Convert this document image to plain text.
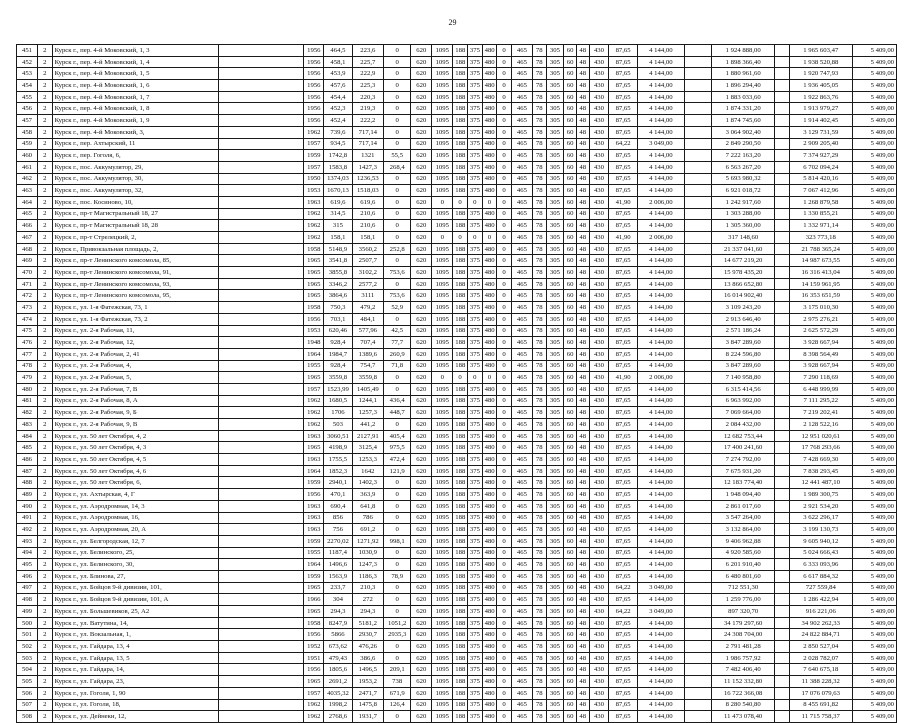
29
451	2	Курск г., пер. 4-й Моковский, 1, 3		1956	464,5	223,6	0	620	1095	188	375	480	0	465	78	305	60	48	430	87,65	4 144,00		1 924 888,00		1 965 603,47	5 409,00
452	2	Курск г., пер. 4-й Моковский, 1, 4		1956	458,1	225,7	0	620	1095	188	375	480	0	465	78	305	60	48	430	87,65	4 144,00		1 898 366,40		1 938 520,88	5 409,00
453	2	Курск г., пер. 4-й Моковский, 1, 5		1956	453,9	222,9	0	620	1095	188	375	480	0	465	78	305	60	48	430	87,65	4 144,00		1 880 961,60		1 920 747,93	5 409,00
454	2	Курск г., пер. 4-й Моковский, 1, 6		1956	457,6	225,3	0	620	1095	188	375	480	0	465	78	305	60	48	430	87,65	4 144,00		1 896 294,40		1 936 405,05	5 409,00
455	2	Курск г., пер. 4-й Моковский, 1, 7		1956	454,4	220,3	0	620	1095	188	375	480	0	465	78	305	60	48	430	87,65	4 144,00		1 883 033,60		1 922 863,76	5 409,00
456	2	Курск г., пер. 4-й Моковский, 1, 8		1956	452,3	219,3	0	620	1095	188	375	480	0	465	78	305	60	48	430	87,65	4 144,00		1 874 331,20		1 913 979,27	5 409,00
457	2	Курск г., пер. 4-й Моковский, 1, 9		1956	452,4	222,2	0	620	1095	188	375	480	0	465	78	305	60	48	430	87,65	4 144,00		1 874 745,60		1 914 402,45	5 409,00
458	2	Курск г., пер. 4-й Моковский, 3,		1962	739,6	717,14	0	620	1095	188	375	480	0	465	78	305	60	48	430	87,65	4 144,00		3 064 902,40		3 129 731,59	5 409,00
459	2	Курск г., пер. Ахтырский, 11		1957	934,5	717,14	0	620	1095	188	375	480	0	465	78	305	60	48	430	64,22	3 049,00		2 849 290,50		2 909 205,40	5 409,00
460	2	Курск г., пер. Гоголя, 6,		1959	1742,8	1321	55,5	620	1095	188	375	480	0	465	78	305	60	48	430	87,65	4 144,00		7 222 163,20		7 374 927,29	5 409,00
461	2	Курск г., пос. Аккумулятор, 29,		1957	1583,8	1427,3	268,4	620	1095	188	375	480	0	465	78	305	60	48	430	87,65	4 144,00		6 563 267,20		6 702 094,24	5 409,00
462	2	Курск г., пос. Аккумулятор, 30,		1950	1374,03	1236,53	0	620	1095	188	375	480	0	465	78	305	60	48	430	87,65	4 144,00		5 693 980,32		5 814 420,16	5 409,00
463	2	Курск г., пос. Аккумулятор, 32,		1953	1670,13	1518,03	0	620	1095	188	375	480	0	465	78	305	60	48	430	87,65	4 144,00		6 921 018,72		7 067 412,96	5 409,00
464	2	Курск г., пос. Косиново, 10,		1963	619,6	619,6	0	620	0	0	0	0	0	465	78	305	60	48	430	41,90	2 006,00		1 242 917,60		1 268 879,58	5 409,00
465	2	Курск г., пр-т Магистральный 18, 27		1962	314,5	210,6	0	620	1095	188	375	480	0	465	78	305	60	48	430	87,65	4 144,00		1 303 288,00		1 330 855,21	5 409,00
466	2	Курск г., пр-т Магистральный 18, 28		1962	315	210,6	0	620	1095	188	375	480	0	465	78	305	60	48	430	87,65	4 144,00		1 305 360,00		1 332 971,14	5 409,00
467	2	Курск г., пр-т Стрелецкий, 2,		1962	158,1	158,1	0	620	0	0	0	0	0	465	78	305	60	48	430	41,90	2 006,00		317 148,60		323 773,18	5 409,00
468	2	Курск г., Привокзальная площадь, 2,		1958	5148,9	3560,2	252,8	620	1095	188	375	480	0	465	78	305	60	48	430	87,65	4 144,00		21 337 041,60		21 788 365,24	5 409,00
469	2	Курск г., пр-т Ленинского комсомола, 85,		1965	3541,8	2507,7	0	620	1095	188	375	480	0	465	78	305	60	48	430	87,65	4 144,00		14 677 219,20		14 987 673,55	5 409,00
470	2	Курск г., пр-т Ленинского комсомола, 91,		1965	3855,8	3102,2	753,6	620	1095	188	375	480	0	465	78	305	60	48	430	87,65	4 144,00		15 978 435,20		16 316 413,04	5 409,00
471	2	Курск г., пр-т Ленинского комсомола, 93,		1965	3346,2	2577,2	0	620	1095	188	375	480	0	465	78	305	60	48	430	87,65	4 144,00		13 866 652,80		14 159 961,95	5 409,00
472	2	Курск г., пр-т Ленинского комсомола, 95,		1965	3864,6	3111	753,6	620	1095	188	375	480	0	465	78	305	60	48	430	87,65	4 144,00		16 014 902,40		16 353 651,59	5 409,00
473	2	Курск г., ул. 1-я Фатежская, 73, 1		1958	750,3	479,2	52,9	620	1095	188	375	480	0	465	78	305	60	48	430	87,65	4 144,00		3 109 243,20		3 175 010,30	5 409,00
474	2	Курск г., ул. 1-я Фатежская, 73, 2		1956	703,1	484,1	0	620	1095	188	375	480	0	465	78	305	60	48	430	87,65	4 144,00		2 913 646,40		2 975 276,21	5 409,00
475	2	Курск г., ул. 2-я Рабочая, 11,		1953	620,46	577,96	42,5	620	1095	188	375	480	0	465	78	305	60	48	430	87,65	4 144,00		2 571 186,24		2 625 572,29	5 409,00
476	2	Курск г., ул. 2-я Рабочая, 12,		1948	928,4	707,4	77,7	620	1095	188	375	480	0	465	78	305	60	48	430	87,65	4 144,00		3 847 289,60		3 928 667,94	5 409,00
477	2	Курск г., ул. 2-я Рабочая, 2, 41		1964	1984,7	1389,6	260,9	620	1095	188	375	480	0	465	78	305	60	48	430	87,65	4 144,00		8 224 596,80		8 398 564,49	5 409,00
478	2	Курск г., ул. 2-я Рабочая, 4,		1955	928,4	754,7	71,8	620	1095	188	375	480	0	465	78	305	60	48	430	87,65	4 144,00		3 847 289,60		3 928 667,94	5 409,00
479	2	Курск г., ул. 2-я Рабочая, 5,		1965	3559,8	3559,8	0	620	0	0	0	0	0	465	78	305	60	48	430	41,90	2 006,00		7 140 958,80		7 290 118,69	5 409,00
480	2	Курск г., ул. 2-я Рабочая, 7, В		1957	1523,99	1405,49	0	620	1095	188	375	480	0	465	78	305	60	48	430	87,65	4 144,00		6 315 414,56		6 448 999,99	5 409,00
481	2	Курск г., ул. 2-я Рабочая, 8, А		1962	1680,5	1244,1	436,4	620	1095	188	375	480	0	465	78	305	60	48	430	87,65	4 144,00		6 963 992,00		7 111 295,22	5 409,00
482	2	Курск г., ул. 2-я Рабочая, 9, Б		1962	1706	1257,3	448,7	620	1095	188	375	480	0	465	78	305	60	48	430	87,65	4 144,00		7 069 664,00		7 219 202,41	5 409,00
483	2	Курск г., ул. 2-я Рабочая, 9, В		1962	503	441,2	0	620	1095	188	375	480	0	465	78	305	60	48	430	87,65	4 144,00		2 084 432,00		2 128 522,16	5 409,00
484	2	Курск г., ул. 50 лет Октября, 4, 2		1963	3060,51	2127,91	405,4	620	1095	188	375	480	0	465	78	305	60	48	430	87,65	4 144,00		12 682 753,44		12 951 020,61	5 409,00
485	2	Курск г., ул. 50 лет Октября, 4, 3		1965	4198,9	3125,4	975,5	620	1095	188	375	480	0	465	78	305	60	48	430	87,65	4 144,00		17 400 241,60		17 768 293,66	5 409,00
486	2	Курск г., ул. 50 лет Октября, 4, 5		1963	1755,5	1253,3	472,4	620	1095	188	375	480	0	465	78	305	60	48	430	87,65	4 144,00		7 274 792,00		7 428 669,30	5 409,00
487	2	Курск г., ул. 50 лет Октября, 4, 6		1964	1852,3	1642	121,9	620	1095	188	375	480	0	465	78	305	60	48	430	87,65	4 144,00		7 675 931,20		7 838 293,45	5 409,00
488	2	Курск г., ул. 50 лет Октября, 6,		1959	2940,1	1402,3	0	620	1095	188	375	480	0	465	78	305	60	48	430	87,65	4 144,00		12 183 774,40		12 441 487,10	5 409,00
489	2	Курск г., ул. Ахтырская, 4, Г		1956	470,1	363,9	0	620	1095	188	375	480	0	465	78	305	60	48	430	87,65	4 144,00		1 948 094,40		1 989 300,75	5 409,00
490	2	Курск г., ул. Аэродромная, 14, 3		1963	690,4	641,8	0	620	1095	188	375	480	0	465	78	305	60	48	430	87,65	4 144,00		2 861 017,60		2 921 534,20	5 409,00
491	2	Курск г., ул. Аэродромная, 16,		1963	856	786	0	620	1095	188	375	480	0	465	78	305	60	48	430	87,65	4 144,00		3 547 264,00		3 622 296,17	5 409,00
492	2	Курск г., ул. Аэродромная, 20, А		1963	756	691,2	0	620	1095	188	375	480	0	465	78	305	60	48	430	87,65	4 144,00		3 132 864,00		3 199 130,73	5 409,00
493	2	Курск г., ул. Белгородская, 12, 7		1959	2270,02	1271,92	998,1	620	1095	188	375	480	0	465	78	305	60	48	430	87,65	4 144,00		9 406 962,88		9 605 940,12	5 409,00
494	2	Курск г., ул. Белинского, 25,		1955	1187,4	1030,9	0	620	1095	188	375	480	0	465	78	305	60	48	430	87,65	4 144,00		4 920 585,60		5 024 666,43	5 409,00
495	2	Курск г., ул. Белинского, 30,		1964	1496,6	1247,3	0	620	1095	188	375	480	0	465	78	305	60	48	430	87,65	4 144,00		6 201 910,40		6 333 093,96	5 409,00
496	2	Курск г., ул. Блинова, 27,		1959	1563,9	1186,3	78,9	620	1095	188	375	480	0	465	78	305	60	48	430	87,65	4 144,00		6 480 801,60		6 617 884,32	5 409,00
497	2	Курск г., ул. Бойцов 9-й дивизии, 101,		1965	233,7	210,3	0	620	1095	188	375	480	0	465	78	305	60	48	430	64,22	3 049,00		712 551,30		727 559,84	5 409,00
498	2	Курск г., ул. Бойцов 9-й дивизии, 101, А		1966	304	272	0	620	1095	188	375	480	0	465	78	305	60	48	430	87,65	4 144,00		1 259 776,00		1 286 422,94	5 409,00
499	2	Курск г., ул. Большевиков, 25, А2		1965	294,3	294,3	0	620	1095	188	375	480	0	465	78	305	60	48	430	64,22	3 049,00		897 320,70		916 221,06	5 409,00
500	2	Курск г., ул. Ватутина, 14,		1958	8247,9	5181,2	1051,2	620	1095	188	375	480	0	465	78	305	60	48	430	87,65	4 144,00		34 179 297,60		34 902 262,33	5 409,00
501	2	Курск г., ул. Вокзальная, 1,		1956	5866	2930,7	2935,3	620	1095	188	375	480	0	465	78	305	60	48	430	87,65	4 144,00		24 308 704,00		24 822 884,71	5 409,00
502	2	Курск г., ул. Гайдара, 13, 4		1952	673,62	476,26	0	620	1095	188	375	480	0	465	78	305	60	48	430	87,65	4 144,00		2 791 481,28		2 850 527,04	5 409,00
503	2	Курск г., ул. Гайдара, 13, 5		1951	479,43	386,6	0	620	1095	188	375	480	0	465	78	305	60	48	430	87,65	4 144,00		1 986 757,92		2 028 782,07	5 409,00
504	2	Курск г., ул. Гайдара, 14,		1956	1805,6	1496,5	209,1	620	1095	188	375	480	0	465	78	305	60	48	430	87,65	4 144,00		7 482 406,40		7 640 675,18	5 409,00
505	2	Курск г., ул. Гайдара, 23,		1965	2691,2	1953,2	738	620	1095	188	375	480	0	465	78	305	60	48	430	87,65	4 144,00		11 152 332,80		11 388 228,32	5 409,00
506	2	Курск г., ул. Гоголя, 1, 90		1957	4035,32	2471,7	671,9	620	1095	188	375	480	0	465	78	305	60	48	430	87,65	4 144,00		16 722 366,08		17 076 079,63	5 409,00
507	2	Курск г., ул. Гоголя, 18,		1962	1998,2	1475,8	126,4	620	1095	188	375	480	0	465	78	305	60	48	430	87,65	4 144,00		8 280 540,80		8 455 691,82	5 409,00
508	2	Курск г., ул. Дейнеки, 12,		1962	2768,6	1931,7	0	620	1095	188	375	480	0	465	78	305	60	48	430	87,65	4 144,00		11 473 078,40		11 715 758,37	5 409,00
